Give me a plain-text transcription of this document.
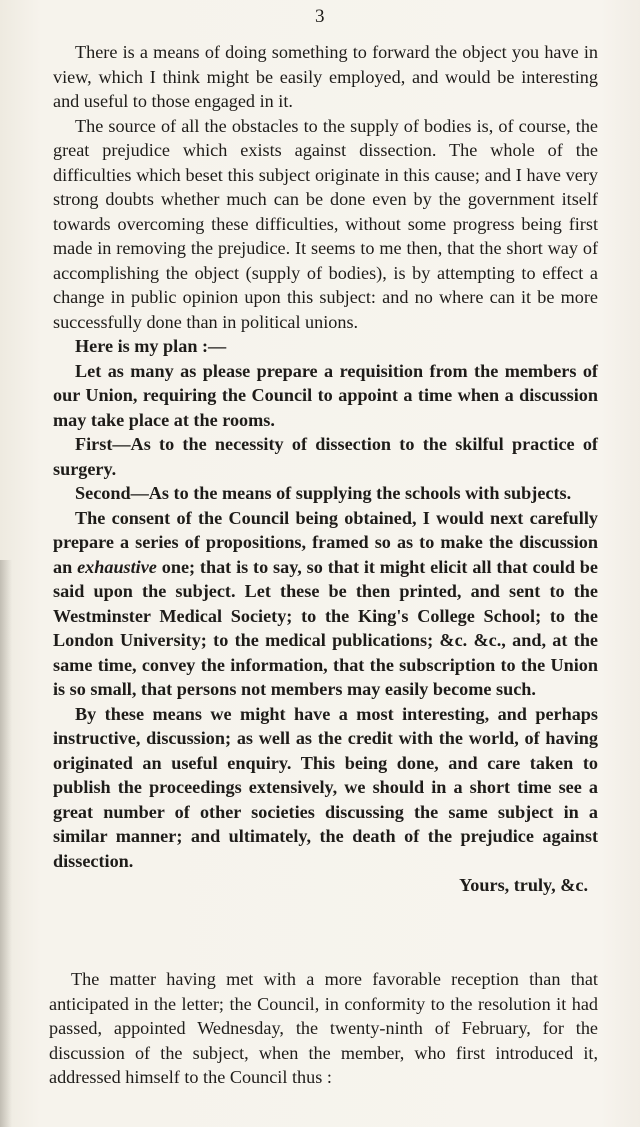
3

There is a means of doing something to forward the object you have in view, which I think might be easily employed, and would be interesting and useful to those engaged in it.

The source of all the obstacles to the supply of bodies is, of course, the great prejudice which exists against dissection. The whole of the difficulties which beset this subject originate in this cause; and I have very strong doubts whether much can be done even by the government itself towards overcoming these difficulties, without some progress being first made in removing the prejudice. It seems to me then, that the short way of accomplishing the object (supply of bodies), is by attempting to effect a change in public opinion upon this subject: and no where can it be more successfully done than in political unions.

Here is my plan :—

Let as many as please prepare a requisition from the members of our Union, requiring the Council to appoint a time when a discussion may take place at the rooms.

First—As to the necessity of dissection to the skilful practice of surgery.

Second—As to the means of supplying the schools with subjects.

The consent of the Council being obtained, I would next carefully prepare a series of propositions, framed so as to make the discussion an exhaustive one; that is to say, so that it might elicit all that could be said upon the subject. Let these be then printed, and sent to the Westminster Medical Society; to the King's College School; to the London University; to the medical publications; &c. &c., and, at the same time, convey the information, that the subscription to the Union is so small, that persons not members may easily become such.

By these means we might have a most interesting, and perhaps instructive, discussion; as well as the credit with the world, of having originated an useful enquiry. This being done, and care taken to publish the proceedings extensively, we should in a short time see a great number of other societies discussing the same subject in a similar manner; and ultimately, the death of the prejudice against dissection.

Yours, truly, &c.

The matter having met with a more favorable reception than that anticipated in the letter; the Council, in conformity to the resolution it had passed, appointed Wednesday, the twenty-ninth of February, for the discussion of the subject, when the member, who first introduced it, addressed himself to the Council thus :
